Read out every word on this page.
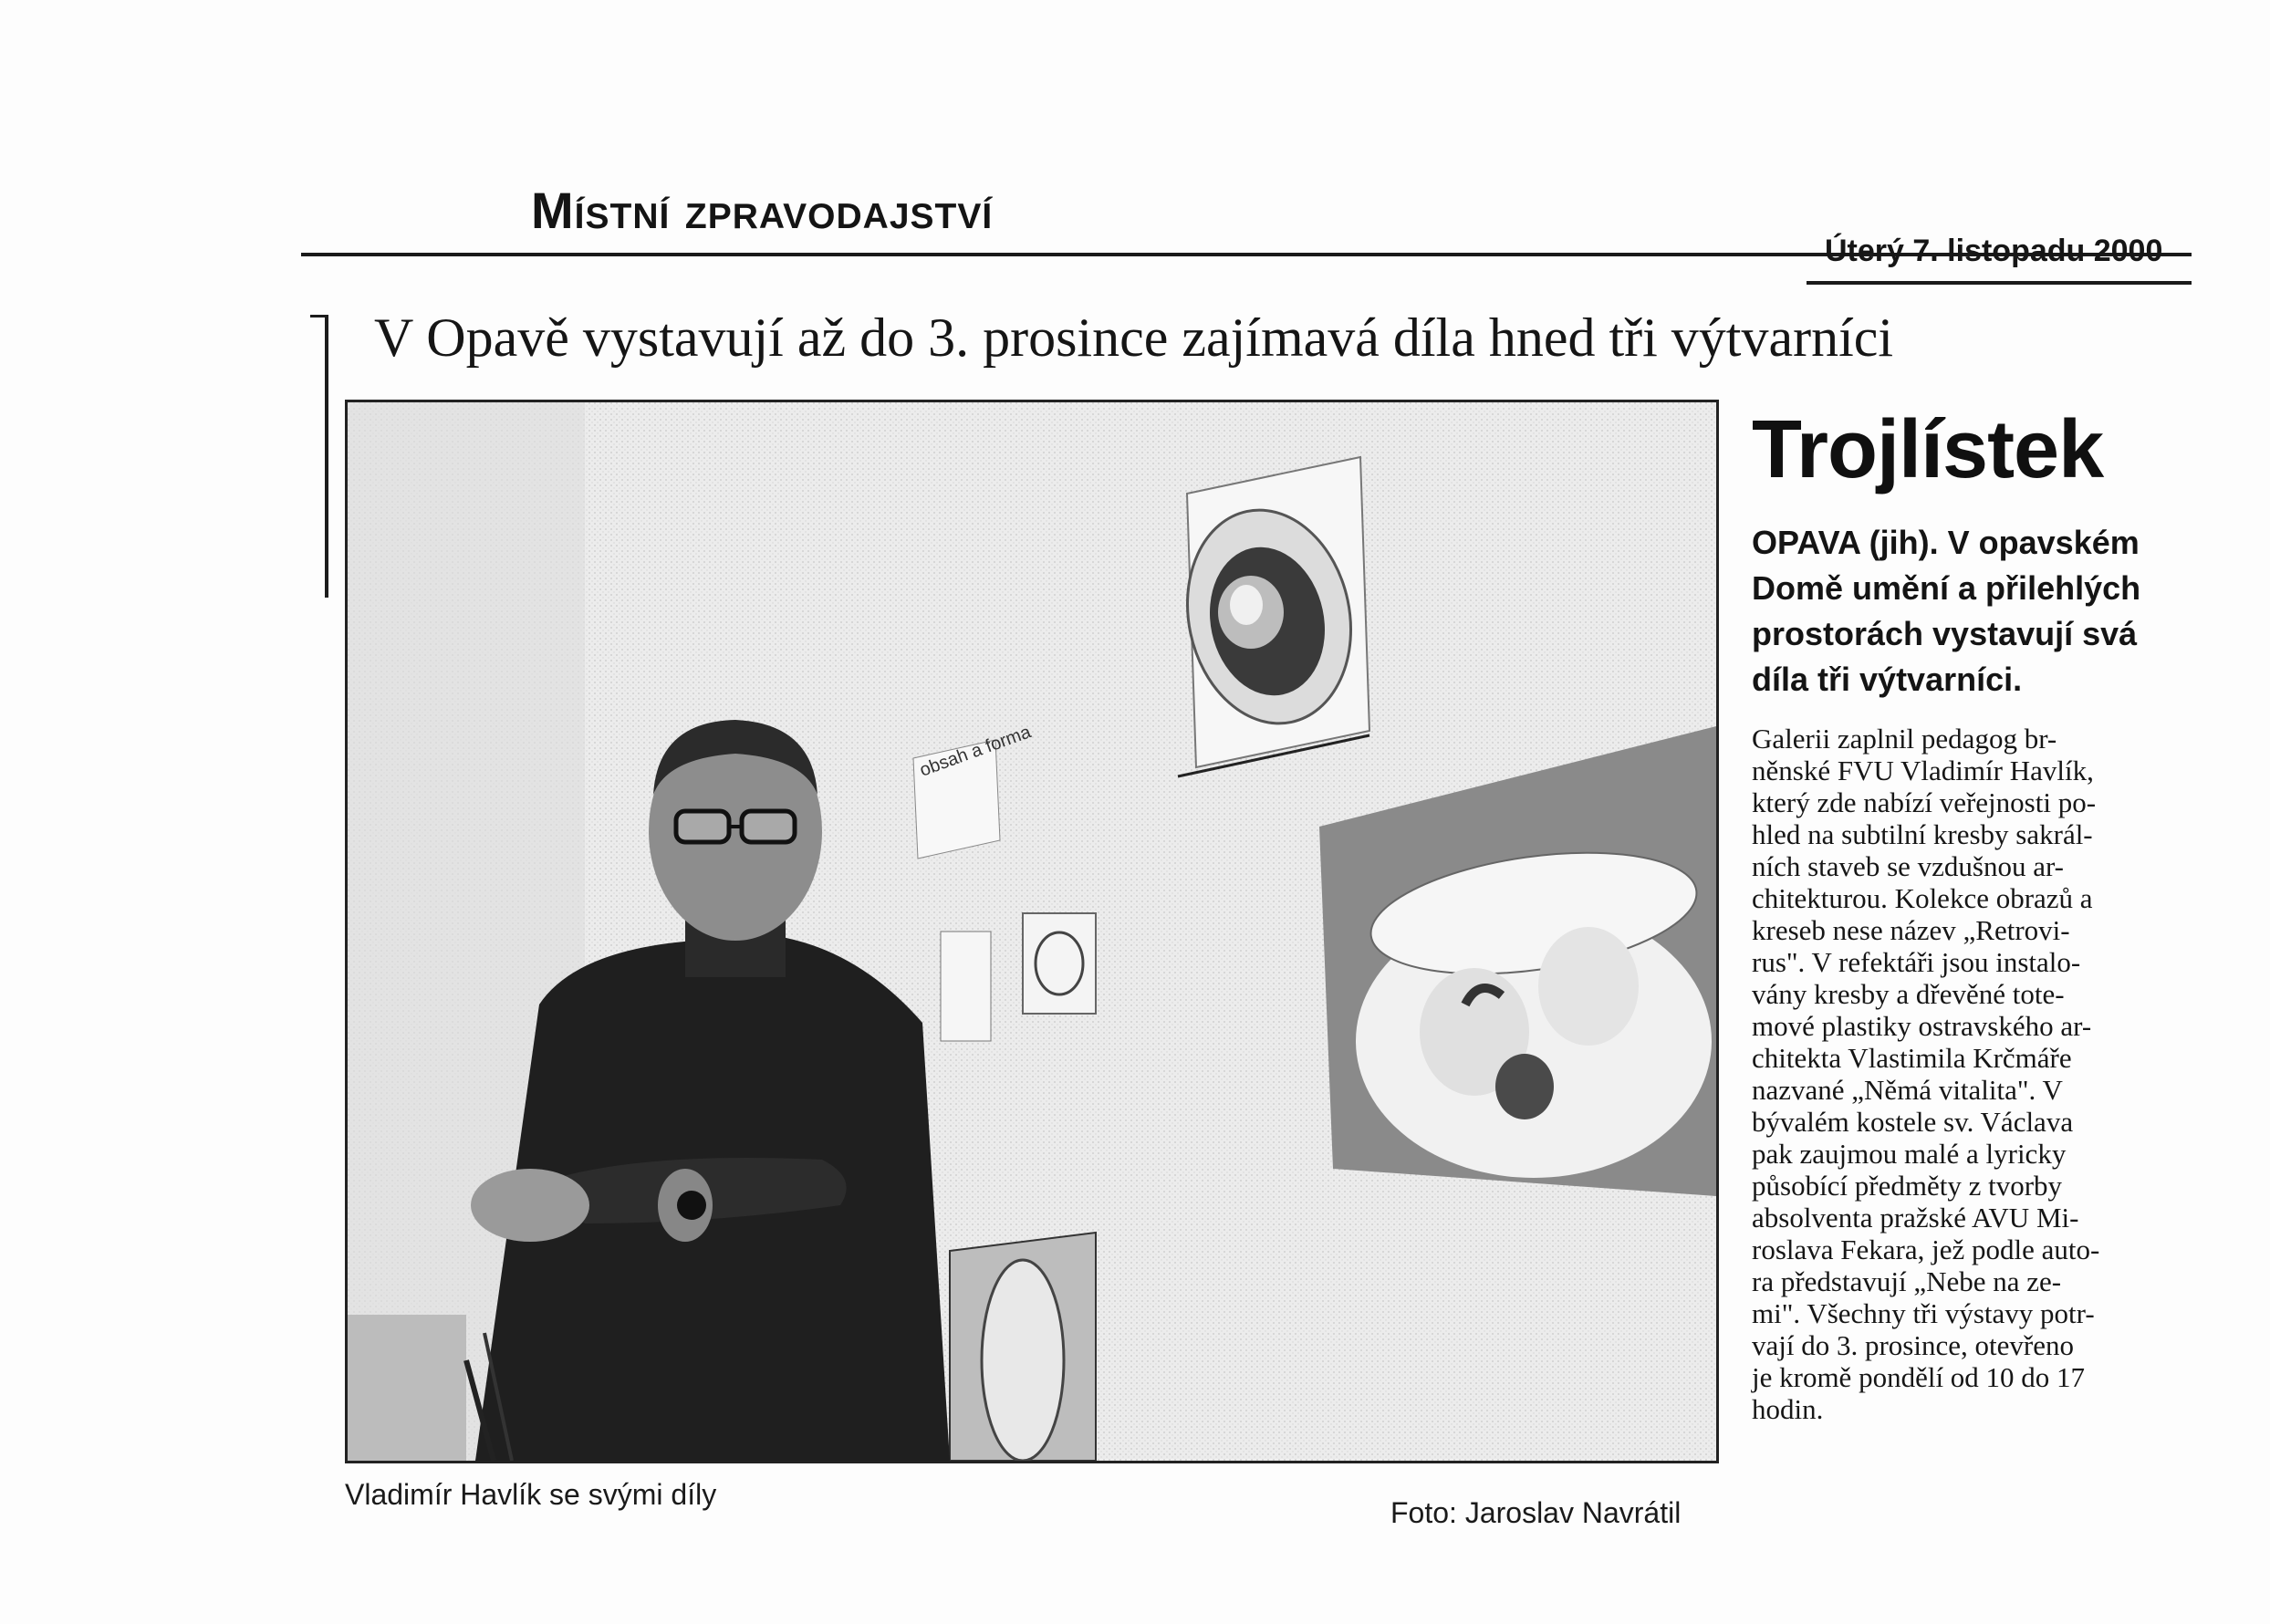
Místní zpravodajství
Úterý 7. listopadu 2000
V Opavě vystavují až do 3. prosince zajímavá díla hned tři výtvarníci
obsah a forma
Vladimír Havlík se svými díly
Foto: Jaroslav Navrátil
Trojlístek
OPAVA (jih). V opavském
Domě umění a přilehlých
prostorách vystavují svá
díla tři výtvarníci.
Galerii zaplnil pedagog br-
něnské FVU Vladimír Havlík,
který zde nabízí veřejnosti po-
hled na subtilní kresby sakrál-
ních staveb se vzdušnou ar-
chitekturou. Kolekce obrazů a
kreseb nese název „Retrovi-
rus". V refektáři jsou instalo-
vány kresby a dřevěné tote-
mové plastiky ostravského ar-
chitekta Vlastimila Krčmáře
nazvané „Němá vitalita". V
bývalém kostele sv. Václava
pak zaujmou malé a lyricky
působící předměty z tvorby
absolventa pražské AVU Mi-
roslava Fekara, jež podle auto-
ra představují „Nebe na ze-
mi". Všechny tři výstavy potr-
vají do 3. prosince, otevřeno
je kromě pondělí od 10 do 17
hodin.
